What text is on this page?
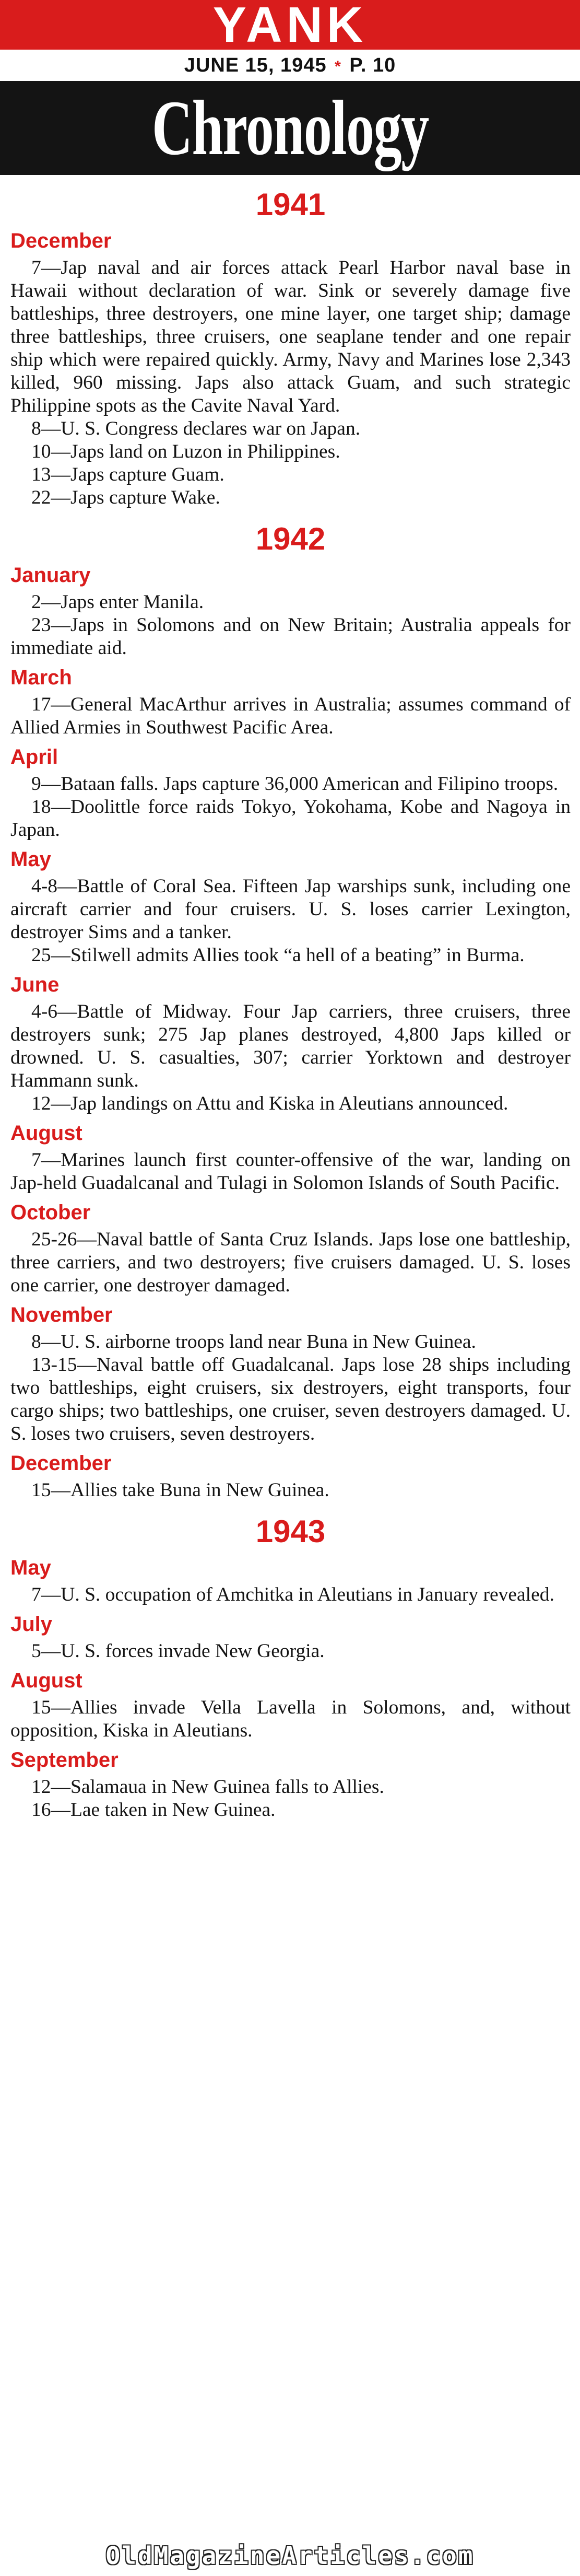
YANK
JUNE 15, 1945 * P. 10
Chronology
1941
December

7—Jap naval and air forces attack Pearl Harbor naval base in Hawaii without declaration of war. Sink or severely damage five battleships, three destroyers, one mine layer, one target ship; damage three battleships, three cruisers, one seaplane tender and one repair ship which were repaired quickly. Army, Navy and Marines lose 2,343 killed, 960 missing. Japs also attack Guam, and such strategic Philippine spots as the Cavite Naval Yard.

8—U. S. Congress declares war on Japan.

10—Japs land on Luzon in Philippines.

13—Japs capture Guam.

22—Japs capture Wake.

1942
January

2—Japs enter Manila.

23—Japs in Solomons and on New Britain; Australia appeals for immediate aid.

March

17—General MacArthur arrives in Australia; assumes command of Allied Armies in Southwest Pacific Area.

April

9—Bataan falls. Japs capture 36,000 American and Filipino troops.

18—Doolittle force raids Tokyo, Yokohama, Kobe and Nagoya in Japan.

May

4-8—Battle of Coral Sea. Fifteen Jap warships sunk, including one aircraft carrier and four cruisers. U. S. loses carrier Lexington, destroyer Sims and a tanker.

25—Stilwell admits Allies took “a hell of a beating” in Burma.

June

4-6—Battle of Midway. Four Jap carriers, three cruisers, three destroyers sunk; 275 Jap planes destroyed, 4,800 Japs killed or drowned. U. S. casualties, 307; carrier Yorktown and destroyer Hammann sunk.

12—Jap landings on Attu and Kiska in Aleutians announced.

August

7—Marines launch first counter-offensive of the war, landing on Jap-held Guadalcanal and Tulagi in Solomon Islands of South Pacific.

October

25-26—Naval battle of Santa Cruz Islands. Japs lose one battleship, three carriers, and two destroyers; five cruisers damaged. U. S. loses one carrier, one destroyer damaged.

November

8—U. S. airborne troops land near Buna in New Guinea.

13-15—Naval battle off Guadalcanal. Japs lose 28 ships including two battleships, eight cruisers, six destroyers, eight transports, four cargo ships; two battleships, one cruiser, seven destroyers damaged. U. S. loses two cruisers, seven destroyers.

December

15—Allies take Buna in New Guinea.

1943
May

7—U. S. occupation of Amchitka in Aleutians in January revealed.

July

5—U. S. forces invade New Georgia.

August

15—Allies invade Vella Lavella in Solomons, and, without opposition, Kiska in Aleutians.

September

12—Salamaua in New Guinea falls to Allies.

16—Lae taken in New Guinea.

OldMagazineArticles.com
